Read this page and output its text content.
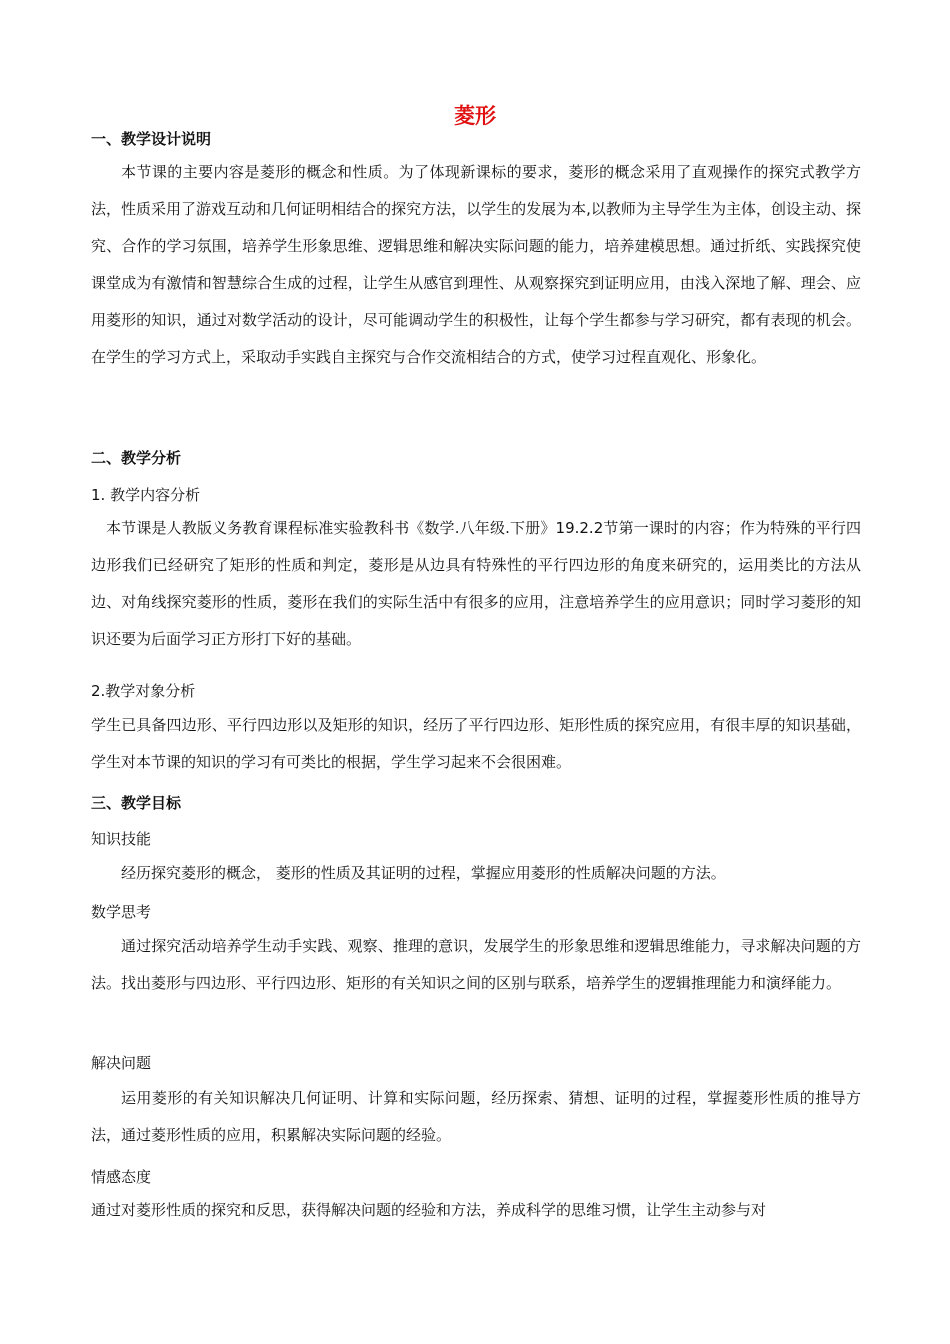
菱形
一、教学设计说明

本节课的主要内容是菱形的概念和性质。为了体现新课标的要求，菱形的概念采用了直观操作的探究式教学方法，性质采用了游戏互动和几何证明相结合的探究方法，以学生的发展为本,以教师为主导学生为主体，创设主动、探究、合作的学习氛围，培养学生形象思维、逻辑思维和解决实际问题的能力，培养建模思想。通过折纸、实践探究使课堂成为有激情和智慧综合生成的过程，让学生从感官到理性、从观察探究到证明应用，由浅入深地了解、理会、应用菱形的知识，通过对数学活动的设计，尽可能调动学生的积极性，让每个学生都参与学习研究，都有表现的机会。在学生的学习方式上，采取动手实践自主探究与合作交流相结合的方式，使学习过程直观化、形象化。

二、教学分析
1. 教学内容分析

本节课是人教版义务教育课程标准实验教科书《数学.八年级.下册》19.2.2节第一课时的内容；作为特殊的平行四边形我们已经研究了矩形的性质和判定，菱形是从边具有特殊性的平行四边形的角度来研究的，运用类比的方法从边、对角线探究菱形的性质，菱形在我们的实际生活中有很多的应用，注意培养学生的应用意识；同时学习菱形的知识还要为后面学习正方形打下好的基础。

2.教学对象分析

学生已具备四边形、平行四边形以及矩形的知识，经历了平行四边形、矩形性质的探究应用，有很丰厚的知识基础，学生对本节课的知识的学习有可类比的根据，学生学习起来不会很困难。

三、教学目标
知识技能

经历探究菱形的概念， 菱形的性质及其证明的过程，掌握应用菱形的性质解决问题的方法。

数学思考

通过探究活动培养学生动手实践、观察、推理的意识，发展学生的形象思维和逻辑思维能力，寻求解决问题的方法。找出菱形与四边形、平行四边形、矩形的有关知识之间的区别与联系，培养学生的逻辑推理能力和演绎能力。

解决问题

运用菱形的有关知识解决几何证明、计算和实际问题，经历探索、猜想、证明的过程，掌握菱形性质的推导方法，通过菱形性质的应用，积累解决实际问题的经验。

情感态度

通过对菱形性质的探究和反思，获得解决问题的经验和方法，养成科学的思维习惯，让学生主动参与对
